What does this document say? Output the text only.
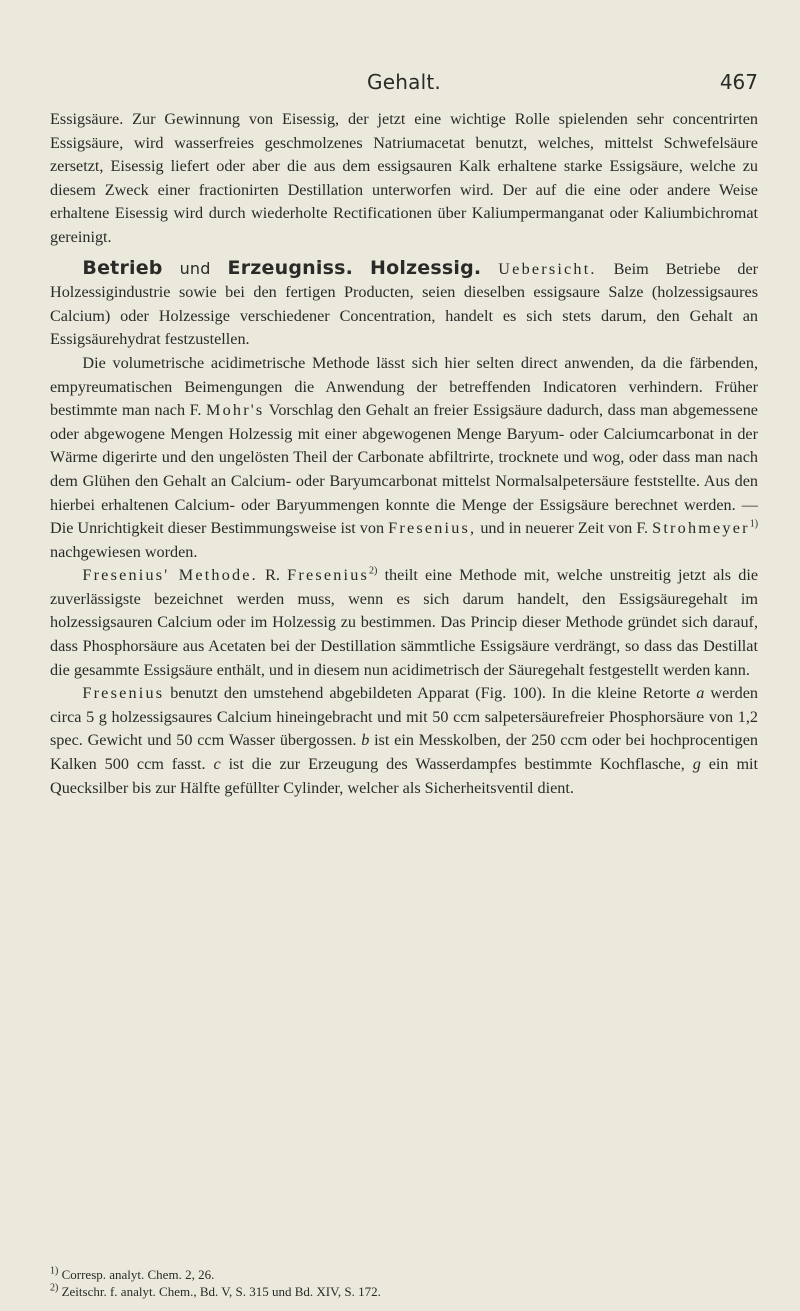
Gehalt.	467

Essigsäure. Zur Gewinnung von Eisessig, der jetzt eine wichtige Rolle spielenden sehr concentrirten Essigsäure, wird wasserfreies geschmolzenes Natriumacetat benutzt, welches, mittelst Schwefelsäure zersetzt, Eisessig liefert oder aber die aus dem essigsauren Kalk erhaltene starke Essigsäure, welche zu diesem Zweck einer fractionirten Destillation unterworfen wird. Der auf die eine oder andere Weise erhaltene Eisessig wird durch wiederholte Rectificationen über Kaliumpermanganat oder Kaliumbichromat gereinigt.

Betrieb und Erzeugniss. Holzessig. Uebersicht. Beim Betriebe der Holzessigindustrie sowie bei den fertigen Producten, seien dieselben essigsaure Salze (holzessigsaures Calcium) oder Holzessige verschiedener Concentration, handelt es sich stets darum, den Gehalt an Essigsäurehydrat festzustellen.

Die volumetrische acidimetrische Methode lässt sich hier selten direct anwenden, da die färbenden, empyreumatischen Beimengungen die Anwendung der betreffenden Indicatoren verhindern. Früher bestimmte man nach F. Mohr's Vorschlag den Gehalt an freier Essigsäure dadurch, dass man abgemessene oder abgewogene Mengen Holzessig mit einer abgewogenen Menge Baryum- oder Calciumcarbonat in der Wärme digerirte und den ungelösten Theil der Carbonate abfiltrirte, trocknete und wog, oder dass man nach dem Glühen den Gehalt an Calcium- oder Baryumcarbonat mittelst Normalsalpetersäure feststellte. Aus den hierbei erhaltenen Calcium- oder Baryummengen konnte die Menge der Essigsäure berechnet werden. — Die Unrichtigkeit dieser Bestimmungsweise ist von Fresenius, und in neuerer Zeit von F. Strohmeyer$^{1)}$ nachgewiesen worden.

Fresenius' Methode. R. Fresenius$^{2)}$ theilt eine Methode mit, welche unstreitig jetzt als die zuverlässigste bezeichnet werden muss, wenn es sich darum handelt, den Essigsäuregehalt im holzessigsauren Calcium oder im Holzessig zu bestimmen. Das Princip dieser Methode gründet sich darauf, dass Phosphorsäure aus Acetaten bei der Destillation sämmtliche Essigsäure verdrängt, so dass das Destillat die gesammte Essigsäure enthält, und in diesem nun acidimetrisch der Säuregehalt festgestellt werden kann.

Fresenius benutzt den umstehend abgebildeten Apparat (Fig. 100). In die kleine Retorte a werden circa 5 g holzessigsaures Calcium hineingebracht und mit 50 ccm salpetersäurefreier Phosphorsäure von 1,2 spec. Gewicht und 50 ccm Wasser übergossen. b ist ein Messkolben, der 250 ccm oder bei hochprocentigen Kalken 500 ccm fasst. c ist die zur Erzeugung des Wasserdampfes bestimmte Kochflasche, g ein mit Quecksilber bis zur Hälfte gefüllter Cylinder, welcher als Sicherheitsventil dient.

$^{1)}$ Corresp. analyt. Chem. 2, 26.

$^{2)}$ Zeitschr. f. analyt. Chem., Bd. V, S. 315 und Bd. XIV, S. 172.
